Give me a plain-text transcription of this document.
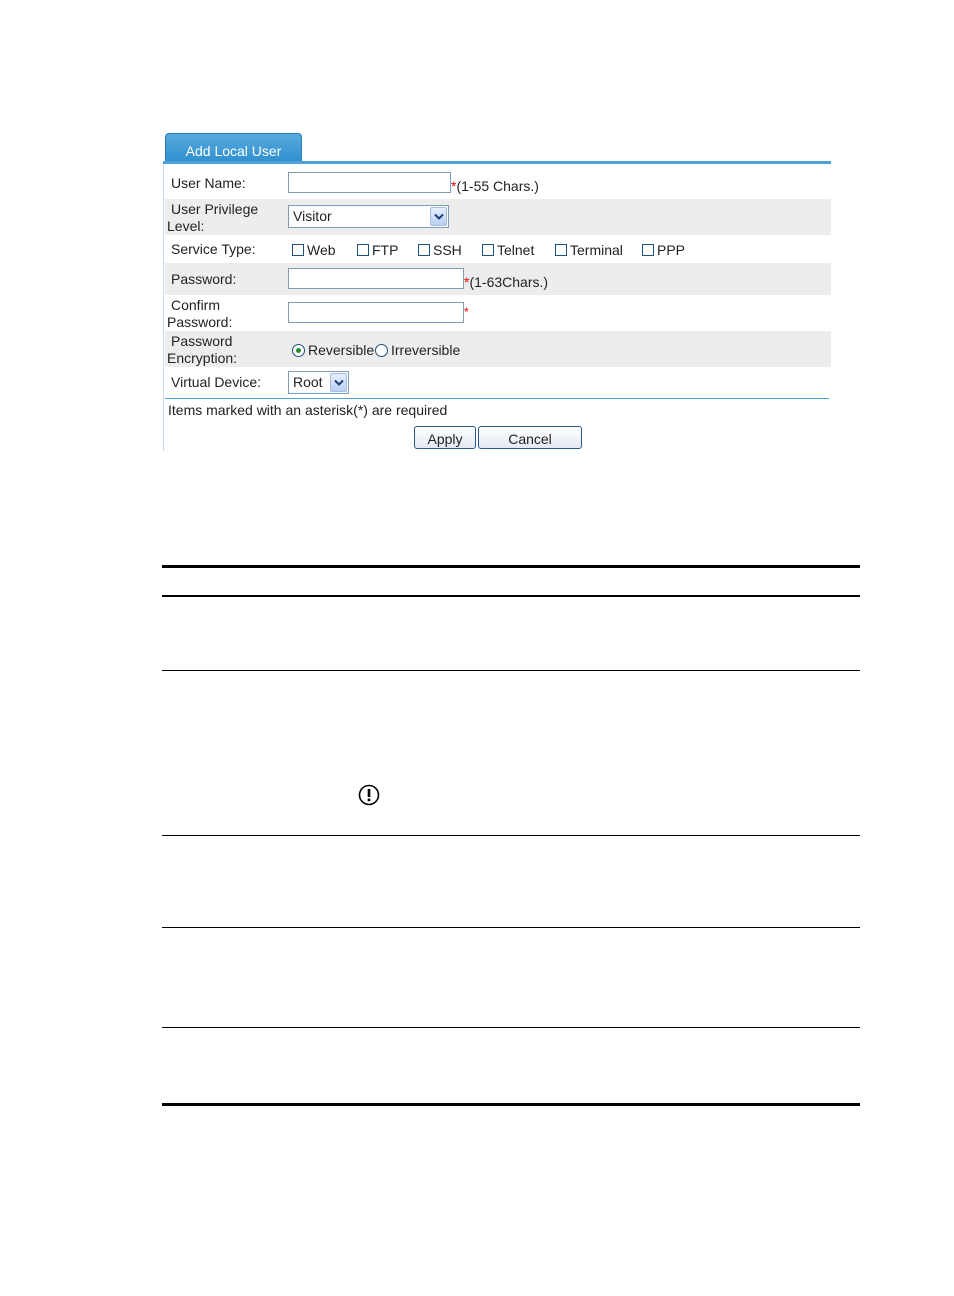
Add Local User
User Name:	*(1-55 Chars.)
User Privilege
Level:
Visitor
Service Type:	Web	FTP SSH	Telnet	Terminal PPP
Password:	*(1-63Chars.)
Confirm
Password:
*
Password
Encryption:	Reversible Irreversible
Virtual Device:	Root
Items marked with an asterisk(*) are required
Apply	Cancel
